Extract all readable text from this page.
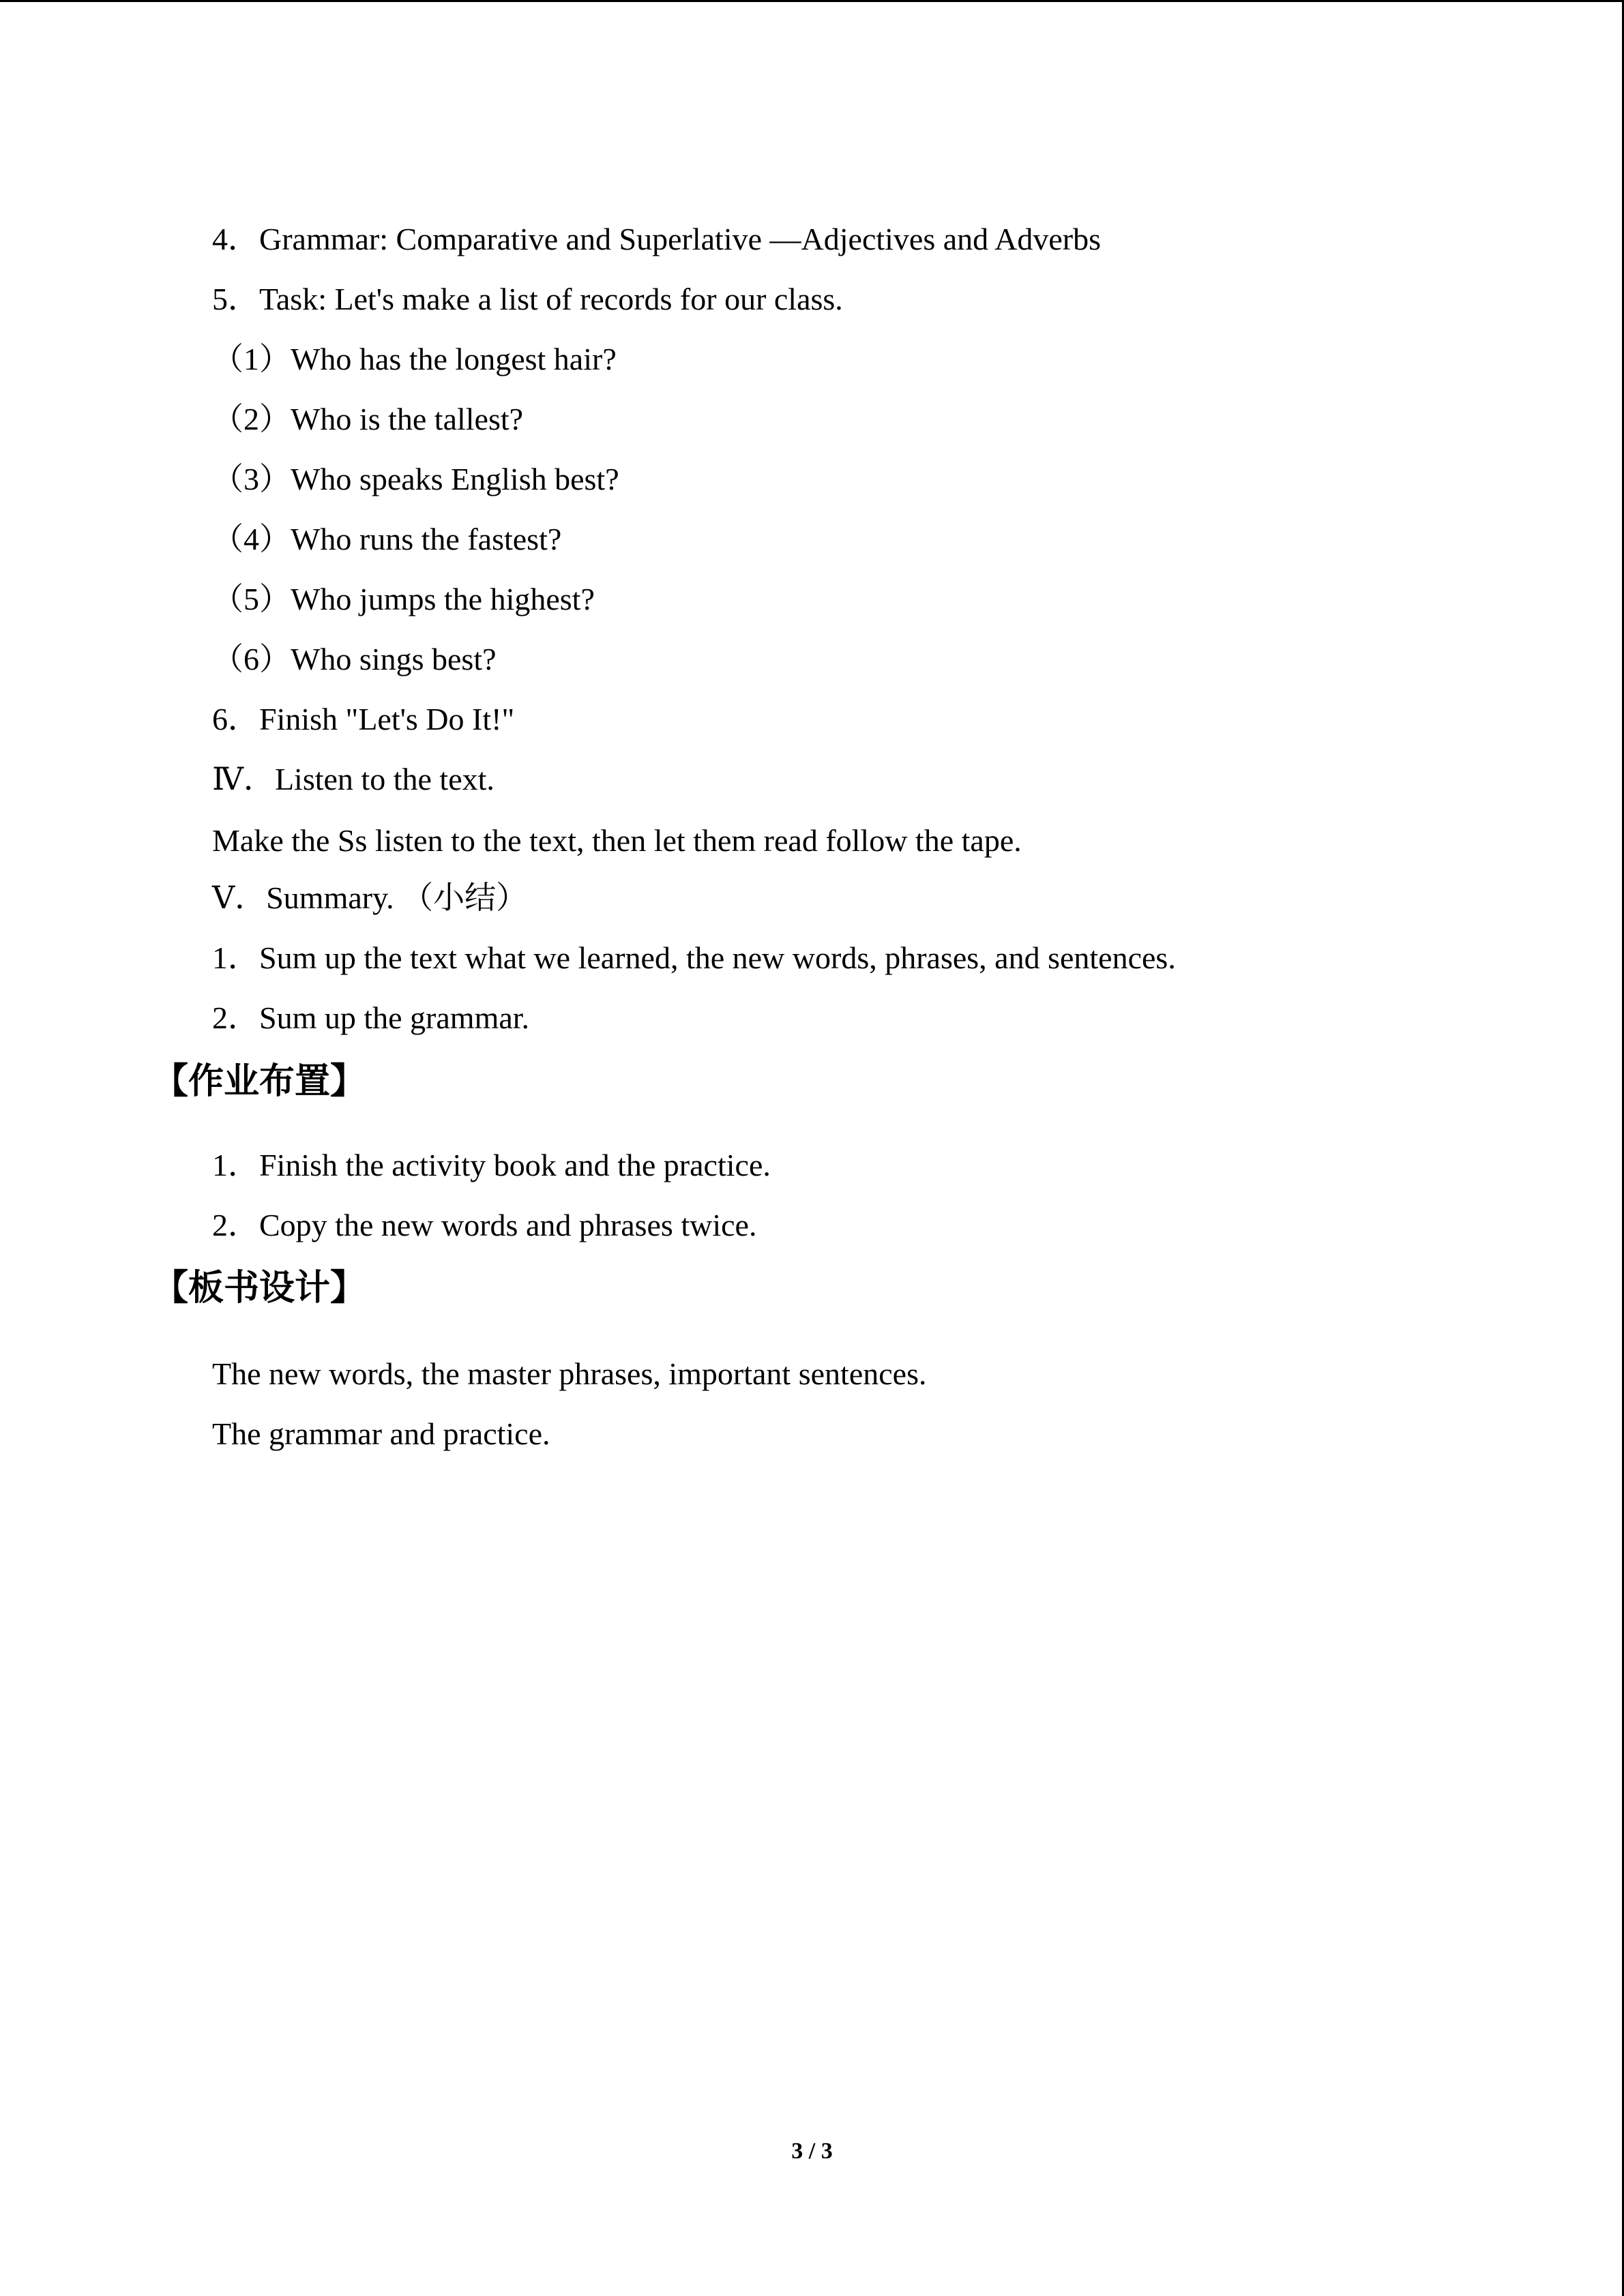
4．Grammar: Comparative and Superlative —Adjectives and Adverbs
5．Task: Let's make a list of records for our class.
（1）Who has the longest hair?
（2）Who is the tallest?
（3）Who speaks English best?
（4）Who runs the fastest?
（5）Who jumps the highest?
（6）Who sings best?
6．Finish "Let's Do It!"
Ⅳ．Listen to the text.
Make the Ss listen to the text, then let them read follow the tape.
Ⅴ．Summary. （小结）
1．Sum up the text what we learned, the new words, phrases, and sentences.
2．Sum up the grammar.
【作业布置】
1．Finish the activity book and the practice.
2．Copy the new words and phrases twice.
【板书设计】
The new words, the master phrases, important sentences.
The grammar and practice.
3 / 3
